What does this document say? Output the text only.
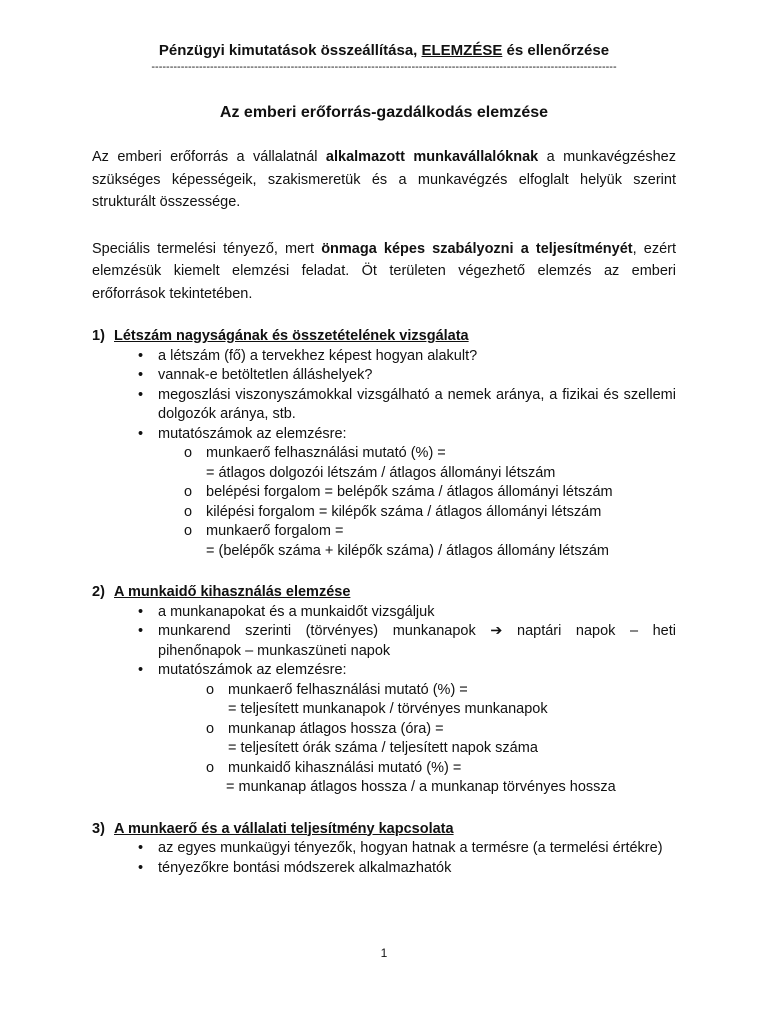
Pénzügyi kimutatások összeállítása, ELEMZÉSE és ellenőrzése
-------------------------------------------------------------------------------------------------------------------------------
Az emberi erőforrás-gazdálkodás elemzése

Az emberi erőforrás a vállalatnál alkalmazott munkavállalóknak a munkavégzéshez szükséges képességeik, szakismeretük és a munkavégzés elfoglalt helyük szerint strukturált összessége.

Speciális termelési tényező, mert önmaga képes szabályozni a teljesítményét, ezért elemzésük kiemelt elemzési feladat. Öt területen végezhető elemzés az emberi erőforrások tekintetében.

1) Létszám nagyságának és összetételének vizsgálata
• a létszám (fő) a tervekhez képest hogyan alakult?
• vannak-e betöltetlen álláshelyek?
• megoszlási viszonyszámokkal vizsgálható a nemek aránya, a fizikai és szellemi dolgozók aránya, stb.
• mutatószámok az elemzésre:
o munkaerő felhasználási mutató (%) =
= átlagos dolgozói létszám / átlagos állományi létszám
o belépési forgalom = belépők száma / átlagos állományi létszám
o kilépési forgalom = kilépők száma / átlagos állományi létszám
o munkaerő forgalom =
= (belépők száma + kilépők száma) / átlagos állomány létszám
2) A munkaidő kihasználás elemzése
• a munkanapokat és a munkaidőt vizsgáljuk
• munkarend szerinti (törvényes) munkanapok ➔ naptári napok – heti pihenőnapok – munkaszüneti napok
• mutatószámok az elemzésre:
o munkaerő felhasználási mutató (%) =
= teljesített munkanapok / törvényes munkanapok
o munkanap átlagos hossza (óra) =
= teljesített órák száma / teljesített napok száma
o munkaidő kihasználási mutató (%) =
= munkanap átlagos hossza / a munkanap törvényes hossza
3) A munkaerő és a vállalati teljesítmény kapcsolata
• az egyes munkaügyi tényezők, hogyan hatnak a termésre (a termelési értékre)
• tényezőkre bontási módszerek alkalmazhatók
1
